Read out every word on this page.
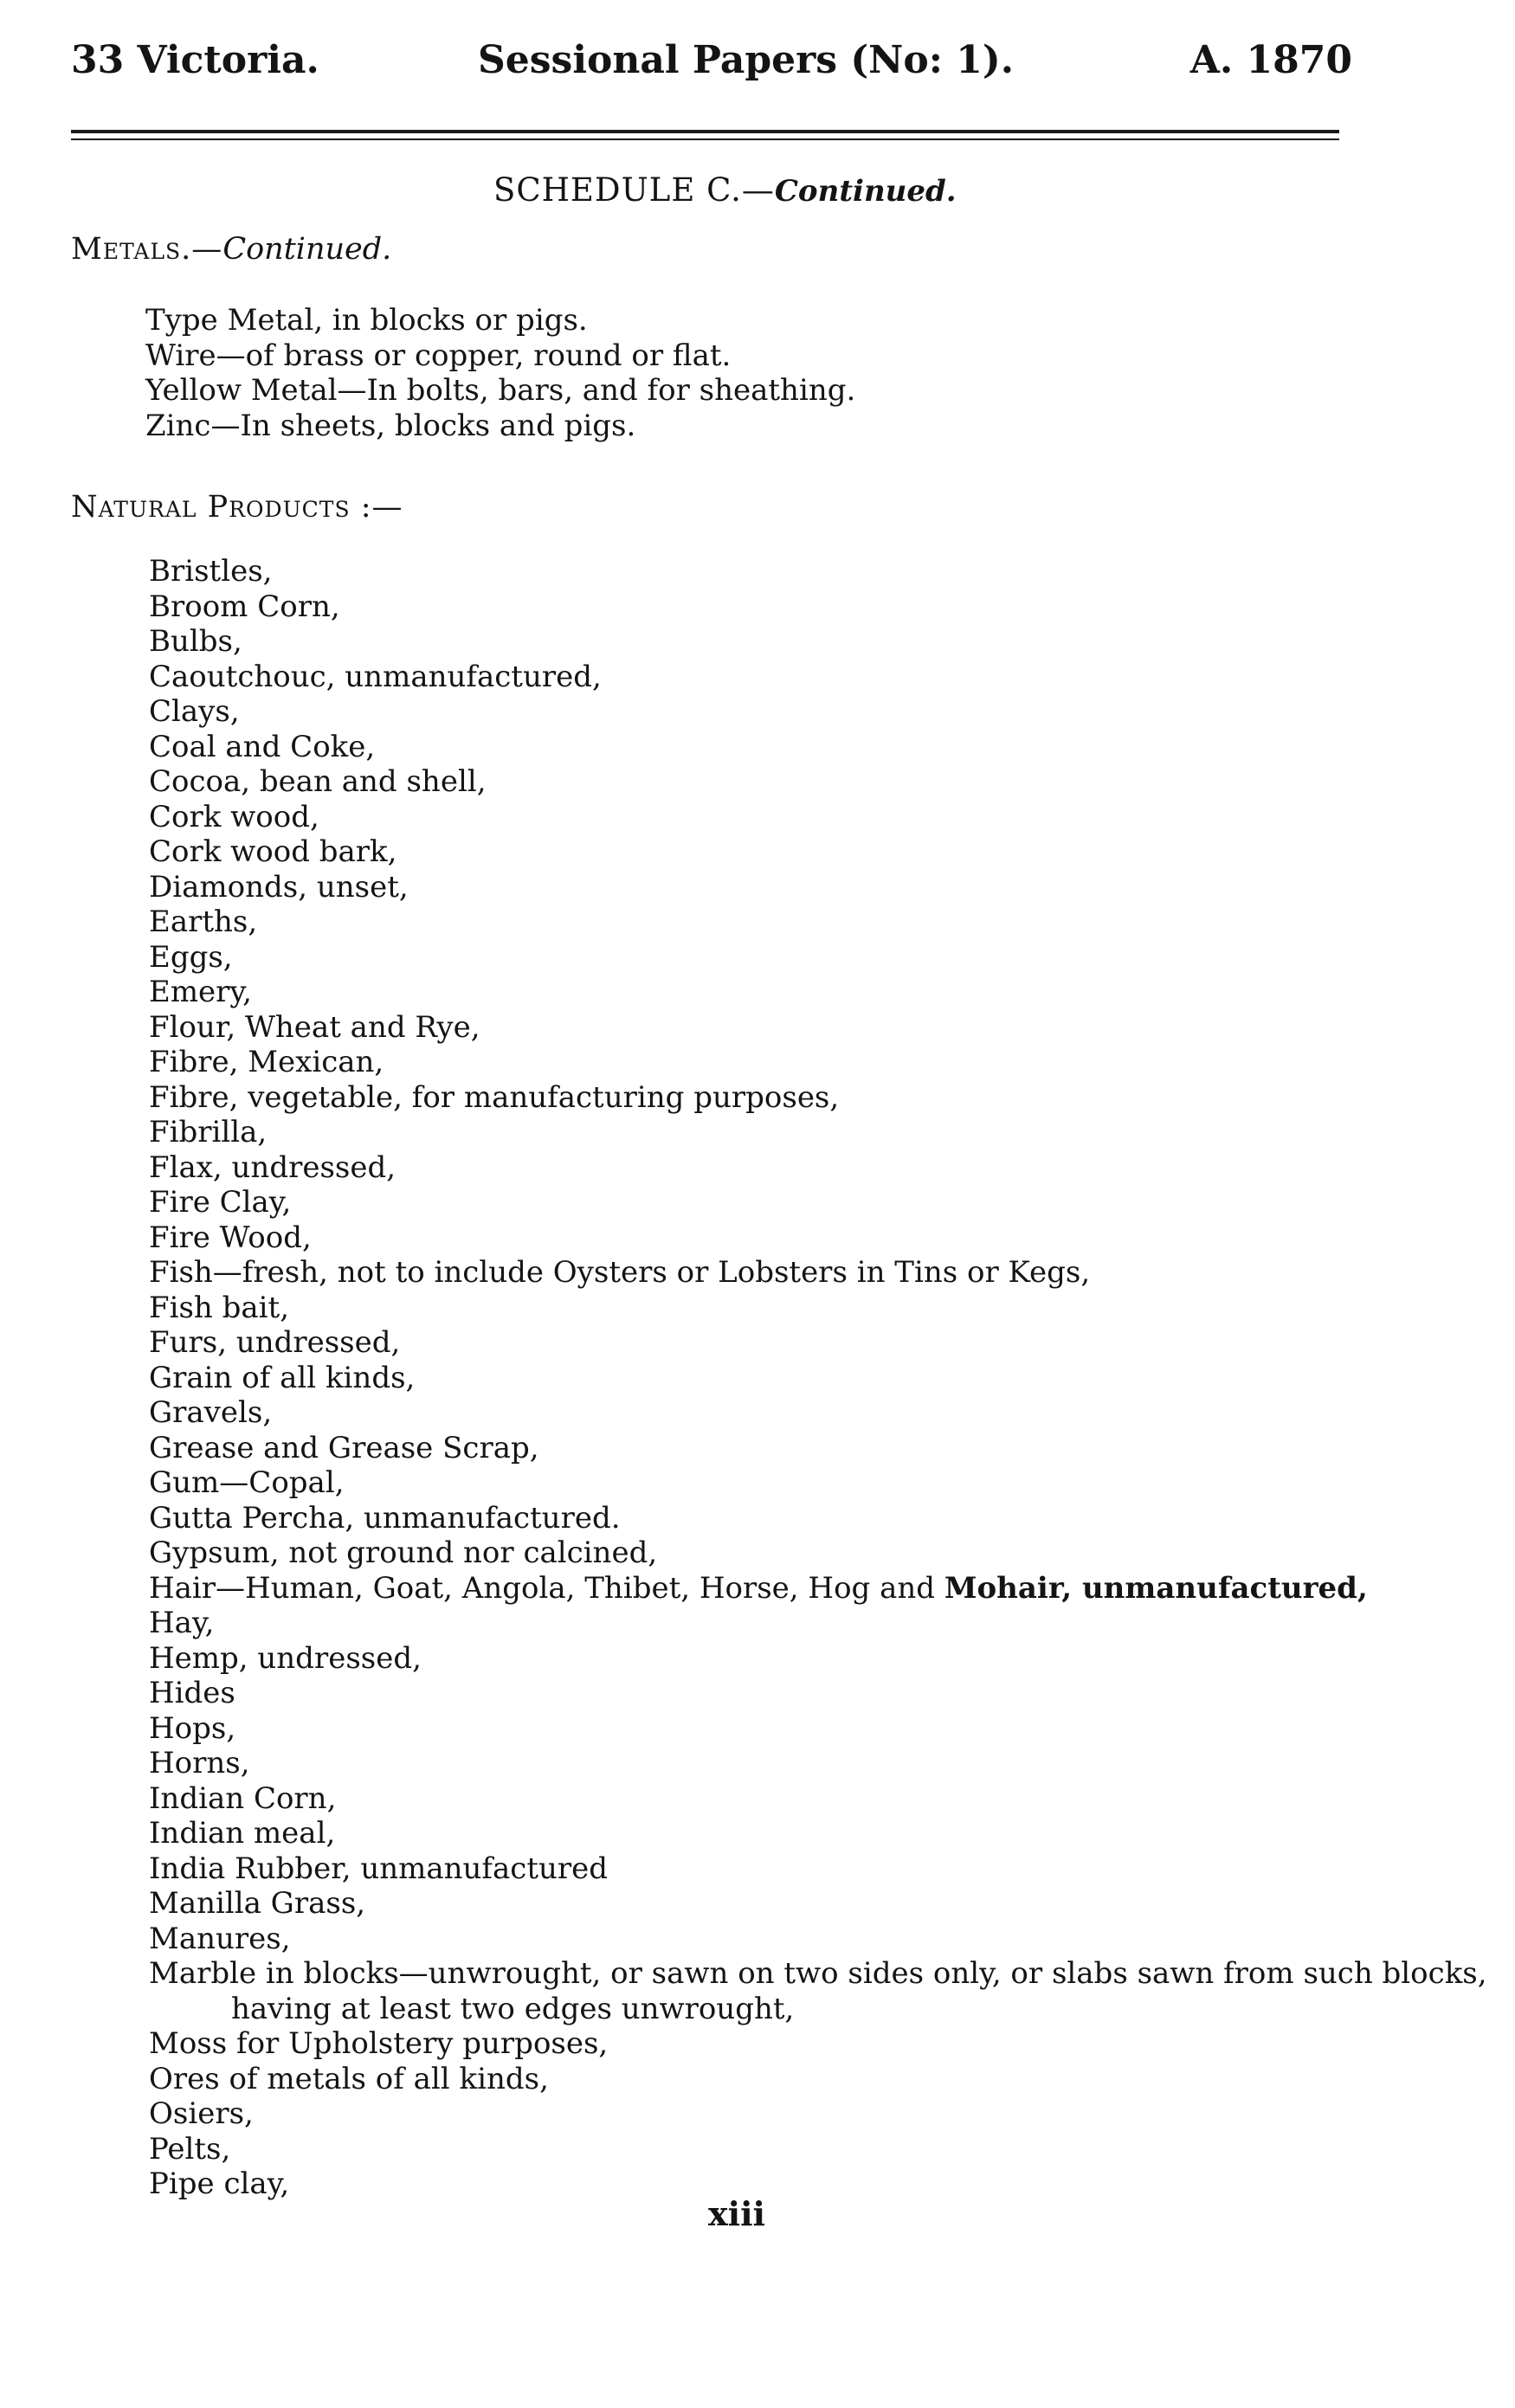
33 Victoria.	Sessional Papers (No: 1).	A. 1870
SCHEDULE C.—Continued.
Metals.—Continued.
Type Metal, in blocks or pigs.
Wire—of brass or copper, round or flat.
Yellow Metal—In bolts, bars, and for sheathing.
Zinc—In sheets, blocks and pigs.
Natural Products :—
Bristles,
Broom Corn,
Bulbs,
Caoutchouc, unmanufactured,
Clays,
Coal and Coke,
Cocoa, bean and shell,
Cork wood,
Cork wood bark,
Diamonds, unset,
Earths,
Eggs,
Emery,
Flour, Wheat and Rye,
Fibre, Mexican,
Fibre, vegetable, for manufacturing purposes,
Fibrilla,
Flax, undressed,
Fire Clay,
Fire Wood,
Fish—fresh, not to include Oysters or Lobsters in Tins or Kegs,
Fish bait,
Furs, undressed,
Grain of all kinds,
Gravels,
Grease and Grease Scrap,
Gum—Copal,
Gutta Percha, unmanufactured.
Gypsum, not ground nor calcined,
Hair—Human, Goat, Angola, Thibet, Horse, Hog and Mohair, unmanufactured,
Hay,
Hemp, undressed,
Hides
Hops,
Horns,
Indian Corn,
Indian meal,
India Rubber, unmanufactured
Manilla Grass,
Manures,
Marble in blocks—unwrought, or sawn on two sides only, or slabs sawn from such blocks,
having at least two edges unwrought,
Moss for Upholstery purposes,
Ores of metals of all kinds,
Osiers,
Pelts,
Pipe clay,
xiii
